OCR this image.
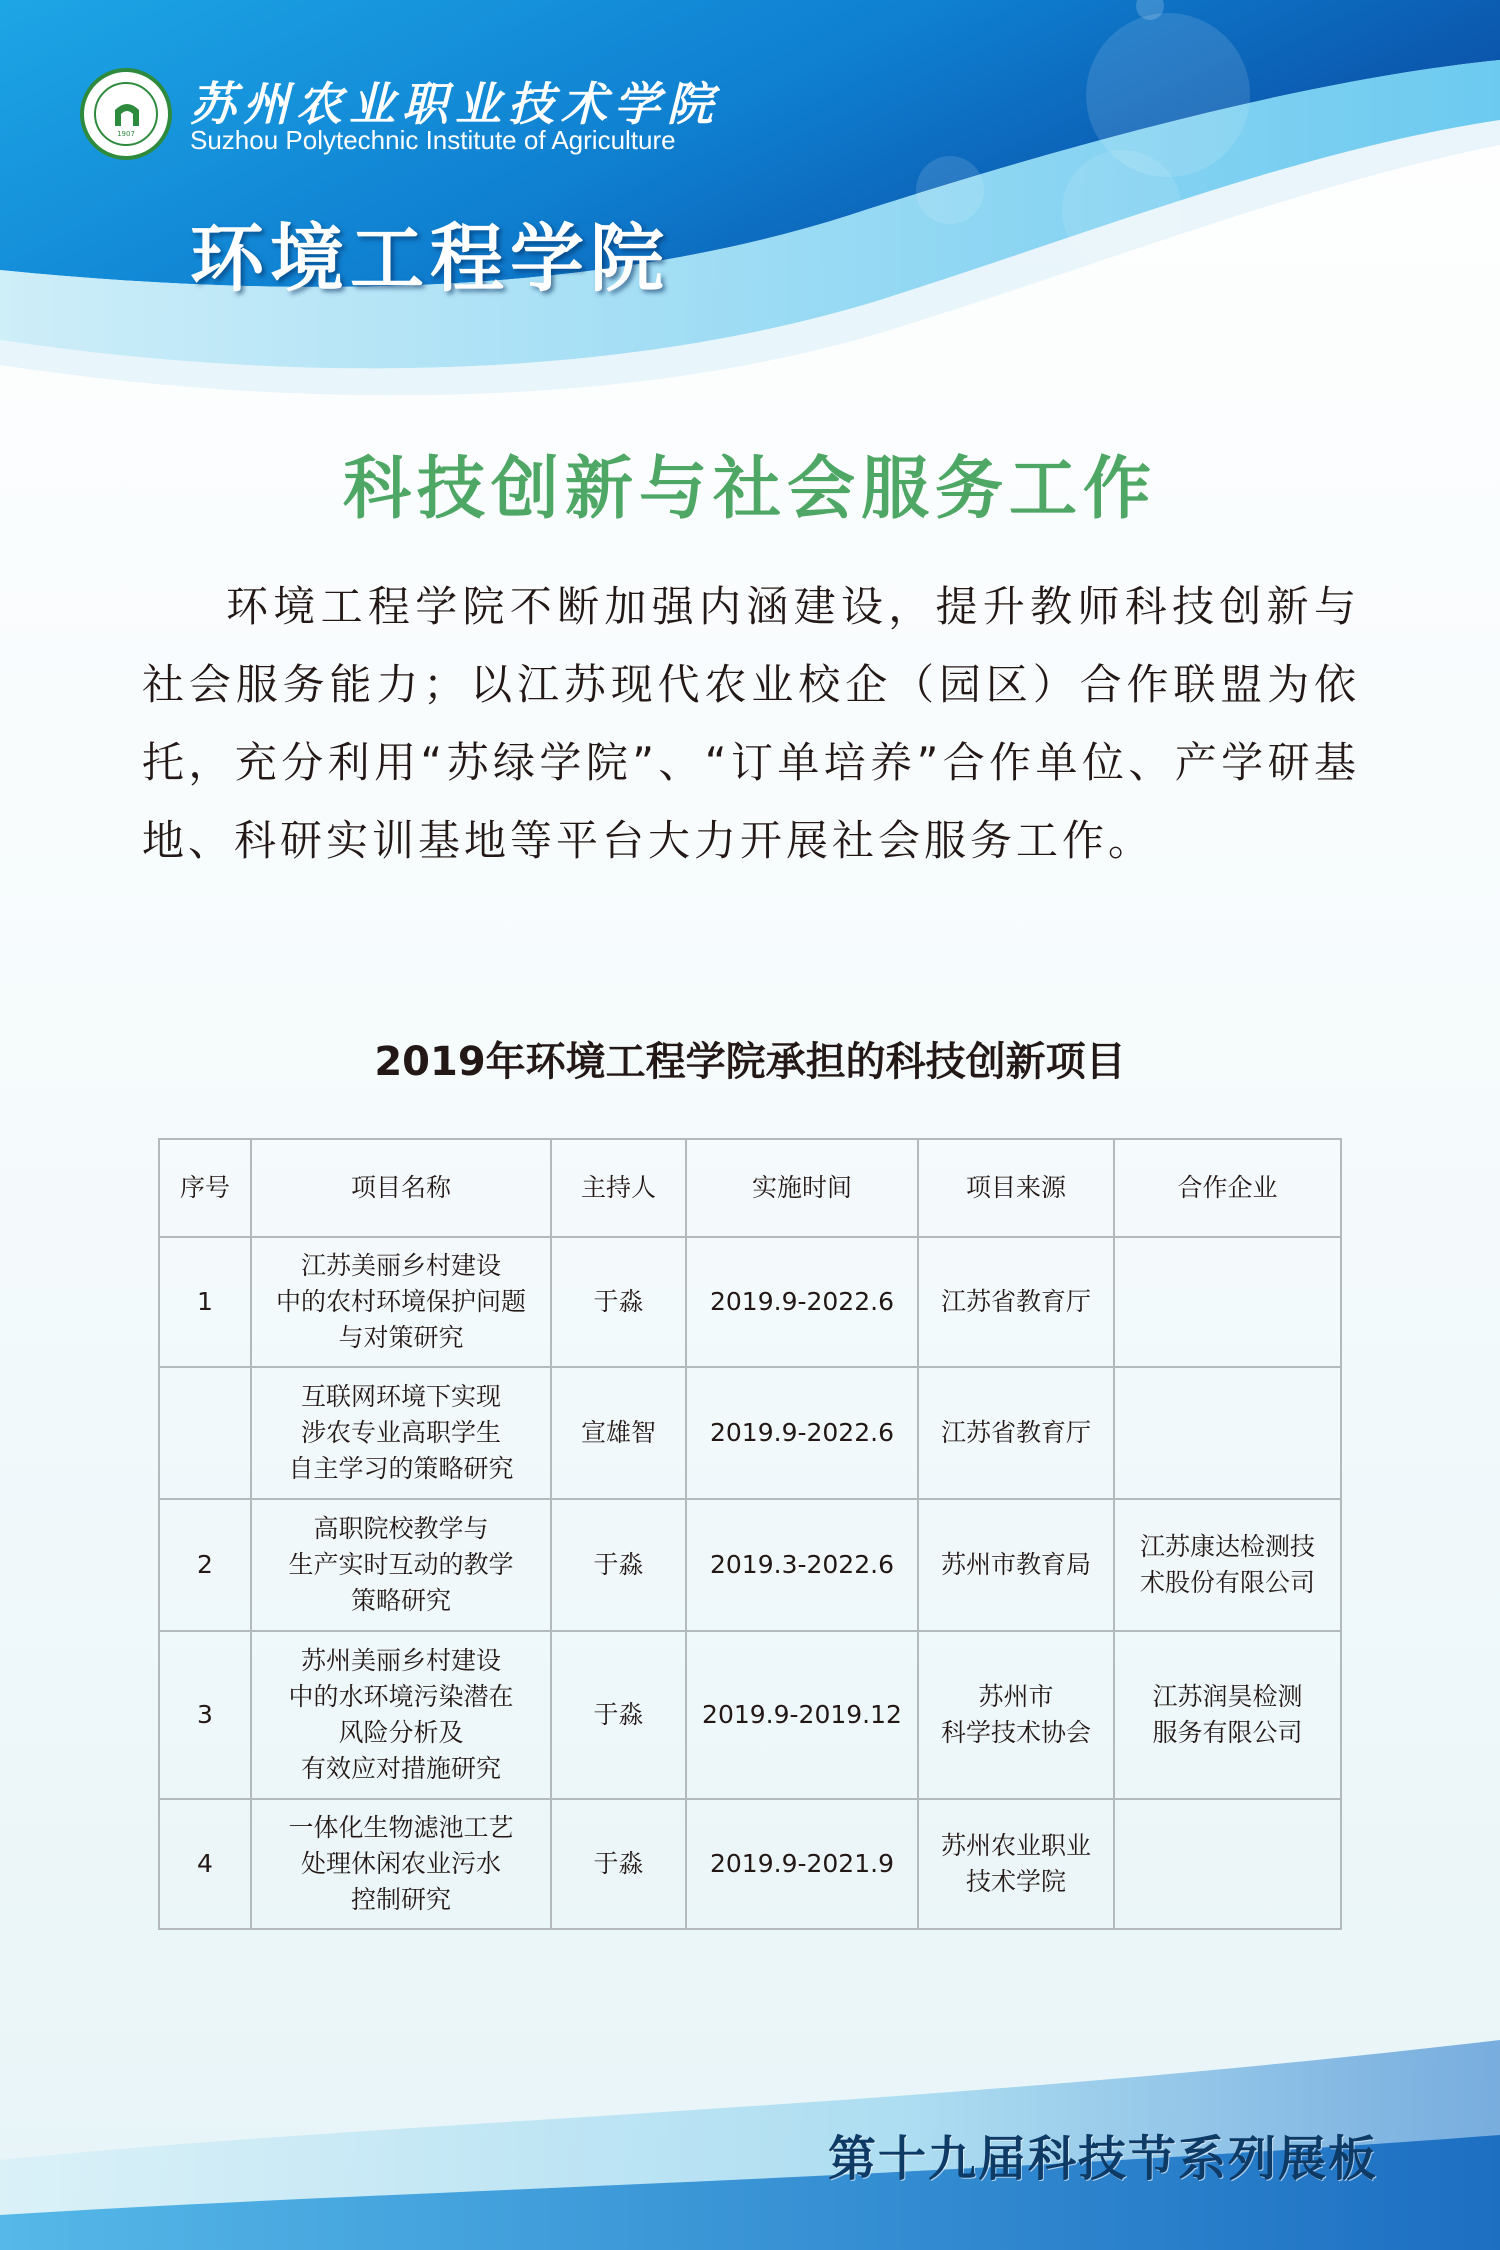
1907
苏州农业职业技术学院
Suzhou Polytechnic Institute of Agriculture
环境工程学院
科技创新与社会服务工作

环境工程学院不断加强内涵建设，提升教师科技创新与社会服务能力；以江苏现代农业校企（园区）合作联盟为依托，充分利用“苏绿学院”、“订单培养”合作单位、产学研基地、科研实训基地等平台大力开展社会服务工作。

2019年环境工程学院承担的科技创新项目
序号	项目名称	主持人	实施时间	项目来源	合作企业
1	江苏美丽乡村建设
中的农村环境保护问题
与对策研究	于淼	2019.9-2022.6	江苏省教育厅	

	互联网环境下实现
涉农专业高职学生
自主学习的策略研究	宣雄智	2019.9-2022.6	江苏省教育厅	

2	高职院校教学与
生产实时互动的教学
策略研究	于淼	2019.3-2022.6	苏州市教育局	江苏康达检测技
术股份有限公司

3	苏州美丽乡村建设
中的水环境污染潜在
风险分析及
有效应对措施研究	于淼	2019.9-2019.12	苏州市
科学技术协会	江苏润昊检测
服务有限公司

4	一体化生物滤池工艺
处理休闲农业污水
控制研究	于淼	2019.9-2021.9	苏州农业职业
技术学院	

第十九届科技节系列展板
